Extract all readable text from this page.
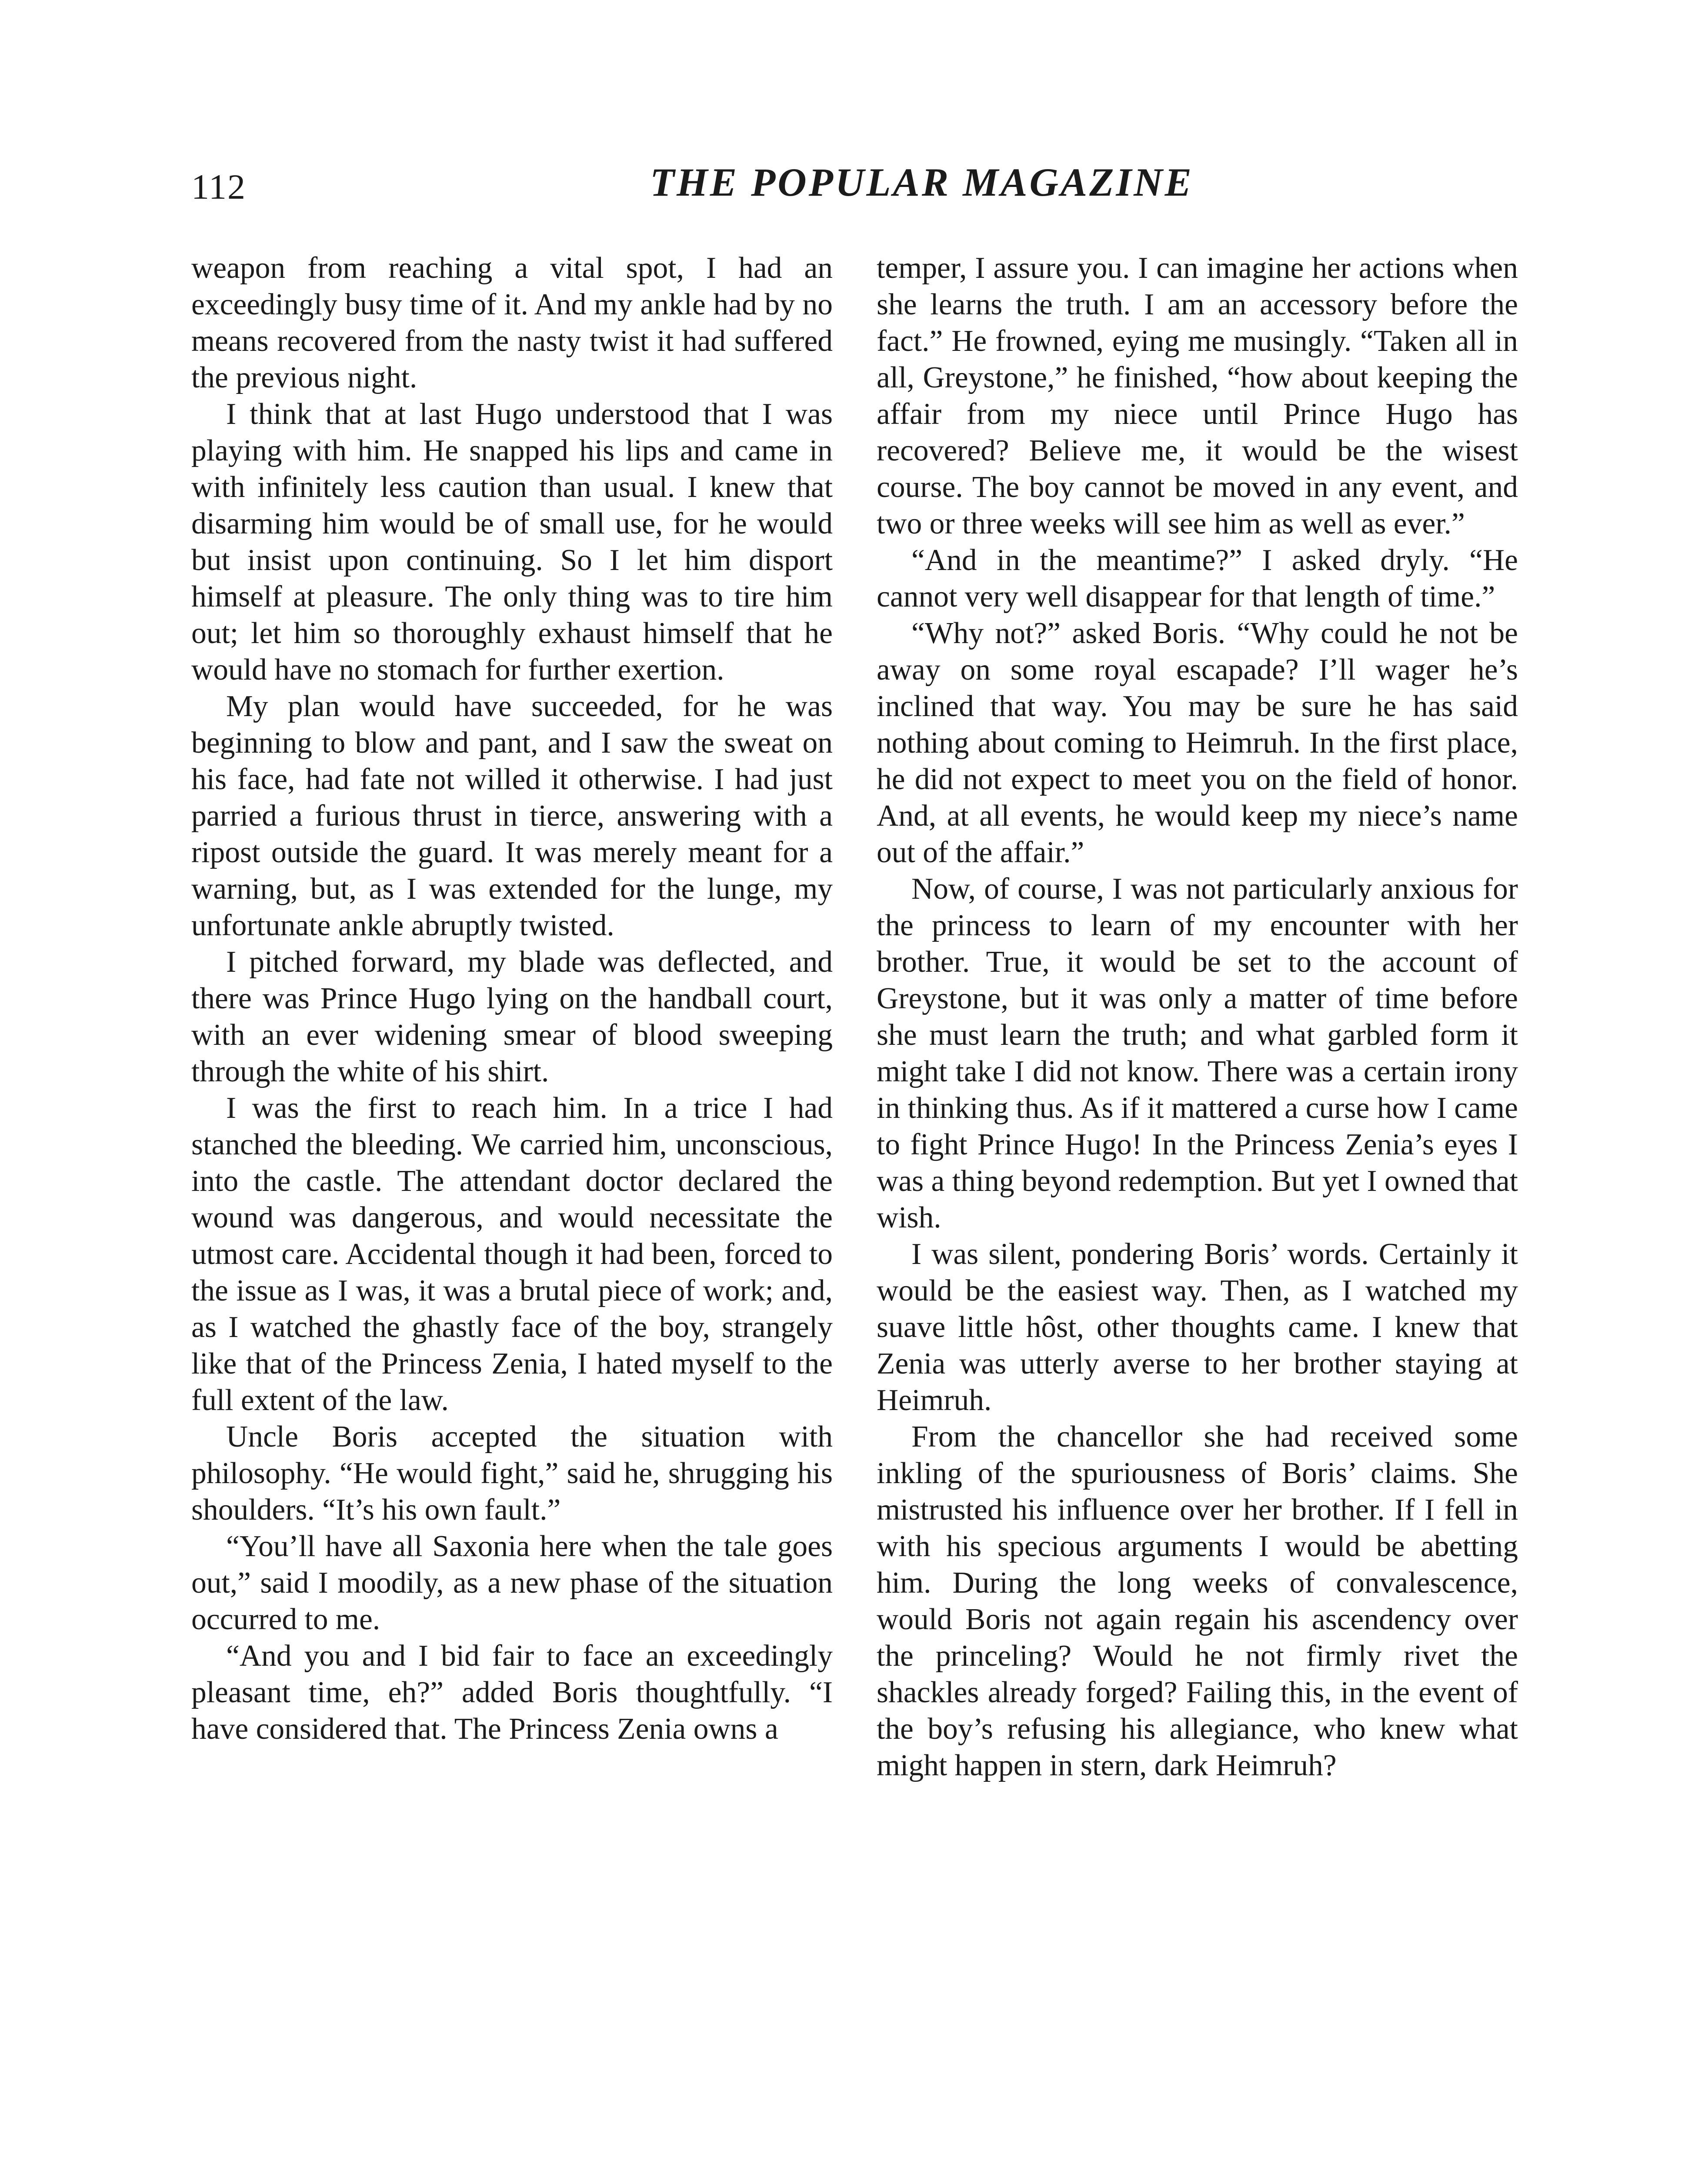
112	THE POPULAR MAGAZINE

weapon from reaching a vital spot, I had an exceedingly busy time of it. And my ankle had by no means recovered from the nasty twist it had suffered the previous night.

I think that at last Hugo understood that I was playing with him. He snapped his lips and came in with infinitely less caution than usual. I knew that disarming him would be of small use, for he would but insist upon continuing. So I let him disport himself at pleasure. The only thing was to tire him out; let him so thoroughly exhaust himself that he would have no stomach for further exertion.

My plan would have succeeded, for he was beginning to blow and pant, and I saw the sweat on his face, had fate not willed it otherwise. I had just parried a furious thrust in tierce, answering with a ripost outside the guard. It was merely meant for a warning, but, as I was extended for the lunge, my unfortunate ankle abruptly twisted.

I pitched forward, my blade was deflected, and there was Prince Hugo lying on the handball court, with an ever widening smear of blood sweeping through the white of his shirt.

I was the first to reach him. In a trice I had stanched the bleeding. We carried him, unconscious, into the castle. The attendant doctor declared the wound was dangerous, and would necessitate the utmost care. Accidental though it had been, forced to the issue as I was, it was a brutal piece of work; and, as I watched the ghastly face of the boy, strangely like that of the Princess Zenia, I hated myself to the full extent of the law.

Uncle Boris accepted the situation with philosophy. “He would fight,” said he, shrugging his shoulders. “It’s his own fault.”

“You’ll have all Saxonia here when the tale goes out,” said I moodily, as a new phase of the situation occurred to me.

“And you and I bid fair to face an exceedingly pleasant time, eh?” added Boris thoughtfully. “I have considered that. The Princess Zenia owns a

temper, I assure you. I can imagine her actions when she learns the truth. I am an accessory before the fact.” He frowned, eying me musingly. “Taken all in all, Greystone,” he finished, “how about keeping the affair from my niece until Prince Hugo has recovered? Believe me, it would be the wisest course. The boy cannot be moved in any event, and two or three weeks will see him as well as ever.”

“And in the meantime?” I asked dryly. “He cannot very well disappear for that length of time.”

“Why not?” asked Boris. “Why could he not be away on some royal escapade? I’ll wager he’s inclined that way. You may be sure he has said nothing about coming to Heimruh. In the first place, he did not expect to meet you on the field of honor. And, at all events, he would keep my niece’s name out of the affair.”

Now, of course, I was not particularly anxious for the princess to learn of my encounter with her brother. True, it would be set to the account of Greystone, but it was only a matter of time before she must learn the truth; and what garbled form it might take I did not know. There was a certain irony in thinking thus. As if it mattered a curse how I came to fight Prince Hugo! In the Princess Zenia’s eyes I was a thing beyond redemption. But yet I owned that wish.

I was silent, pondering Boris’ words. Certainly it would be the easiest way. Then, as I watched my suave little hôst, other thoughts came. I knew that Zenia was utterly averse to her brother staying at Heimruh.

From the chancellor she had received some inkling of the spuriousness of Boris’ claims. She mistrusted his influence over her brother. If I fell in with his specious arguments I would be abetting him. During the long weeks of convalescence, would Boris not again regain his ascendency over the princeling? Would he not firmly rivet the shackles already forged? Failing this, in the event of the boy’s refusing his allegiance, who knew what might happen in stern, dark Heimruh?
